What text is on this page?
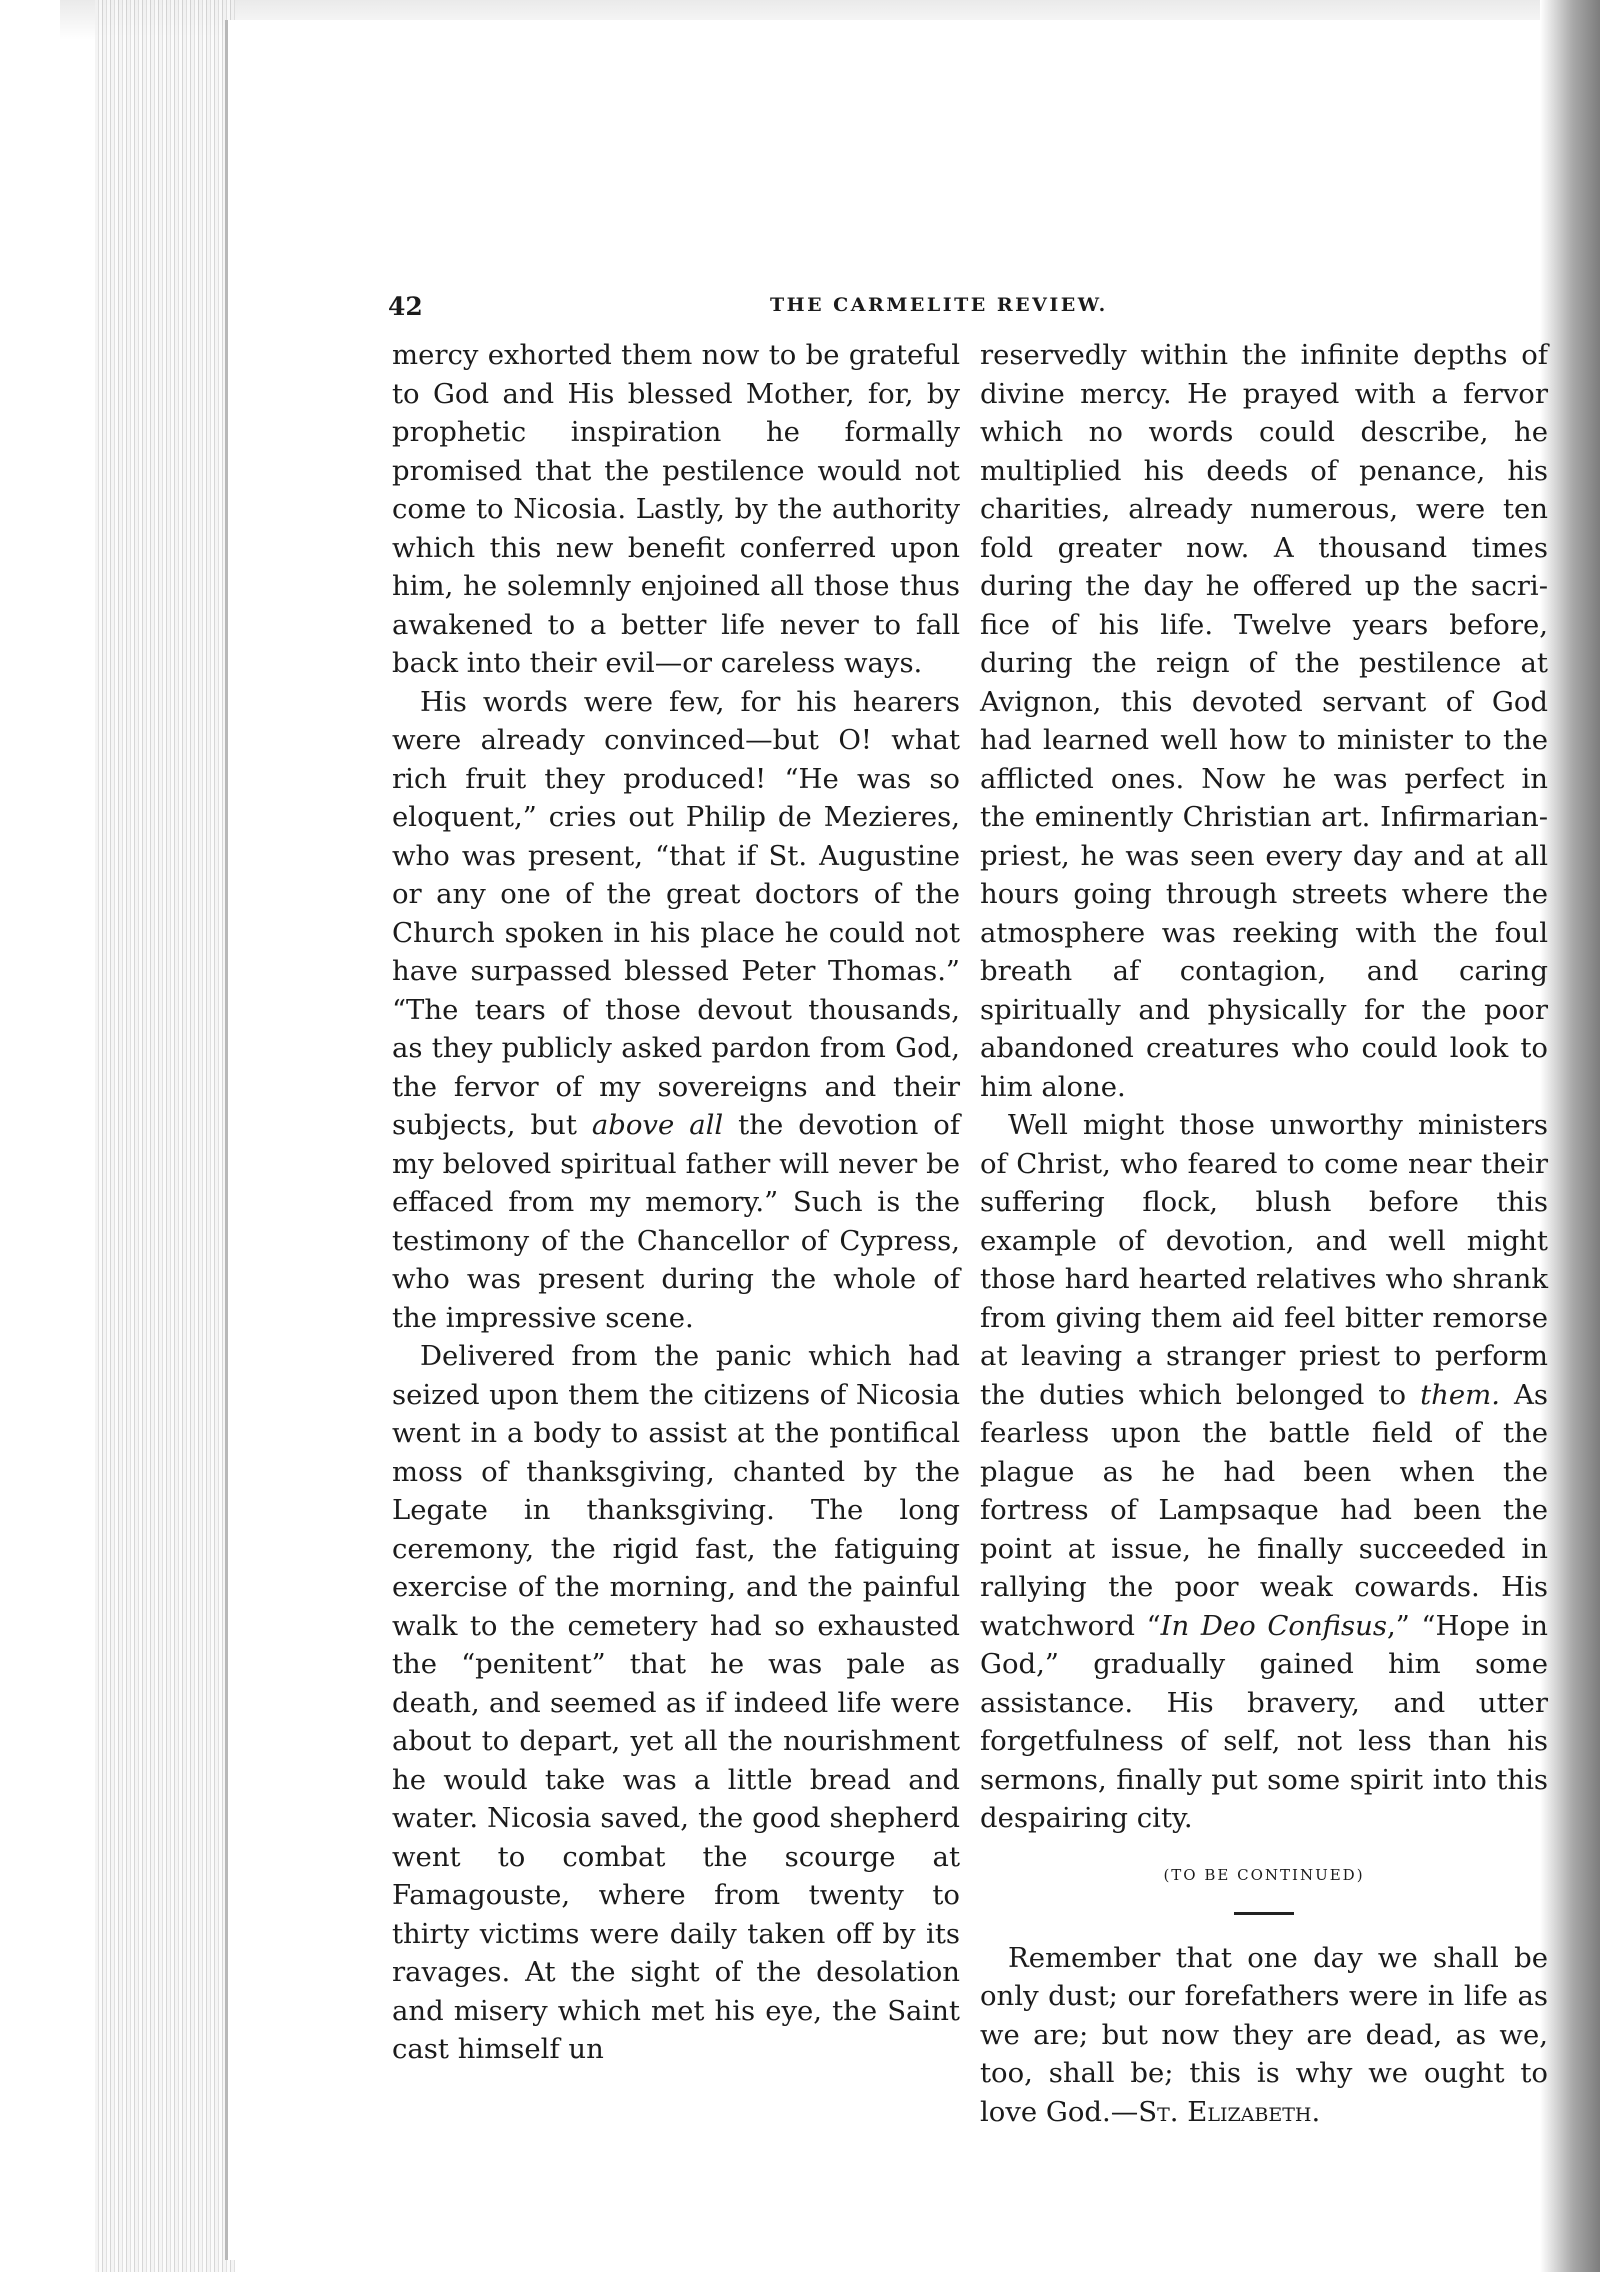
42	THE CARMELITE REVIEW.

mercy exhorted them now to be grateful to God and His blessed Mother, for, by prophetic inspiration he formally promised that the pestilence would not come to Nicosia. Lastly, by the authority which this new benefit conferred upon him, he solemnly enjoined all those thus awakened to a better life never to fall back into their evil—or careless ways.

His words were few, for his hearers were already convinced—but O! what rich fruit they produced! “He was so eloquent,” cries out Philip de Mezieres, who was present, “that if St. Augustine or any one of the great doctors of the Church spoken in his place he could not have surpassed blessed Peter Thomas.” “The tears of those devout thousands, as they publicly asked pardon from God, the fervor of my sovereigns and their subjects, but above all the devotion of my beloved spiritual father will never be effaced from my memory.” Such is the testimony of the Chancellor of Cypress, who was present during the whole of the impressive scene.

Delivered from the panic which had seized upon them the citizens of Nicosia went in a body to assist at the pontifical moss of thanksgiving, chanted by the Legate in thanksgiving. The long ceremony, the rigid fast, the fatiguing exercise of the morning, and the painful walk to the cemetery had so exhausted the “penitent” that he was pale as death, and seemed as if indeed life were about to depart, yet all the nourishment he would take was a little bread and water. Nicosia saved, the good shepherd went to combat the scourge at Famagouste, where from twenty to thirty victims were daily taken off by its ravages. At the sight of the desolation and misery which met his eye, the Saint cast himself un

reservedly within the infinite depths of divine mercy. He prayed with a fervor which no words could describe, he multiplied his deeds of penance, his charities, already numerous, were ten fold greater now. A thousand times during the day he offered up the sacrifice of his life. Twelve years before, during the reign of the pestilence at Avignon, this devoted servant of God had learned well how to minister to the afflicted ones. Now he was perfect in the eminently Christian art. Infirmarian-priest, he was seen every day and at all hours going through streets where the atmosphere was reeking with the foul breath af contagion, and caring spiritually and physically for the poor abandoned creatures who could look to him alone.

Well might those unworthy ministers of Christ, who feared to come near their suffering flock, blush before this example of devotion, and well might those hard hearted relatives who shrank from giving them aid feel bitter remorse at leaving a stranger priest to perform the duties which belonged to them. As fearless upon the battle field of the plague as he had been when the fortress of Lampsaque had been the point at issue, he finally succeeded in rallying the poor weak cowards. His watchword “In Deo Confisus,” “Hope in God,” gradually gained him some assistance. His bravery, and utter forgetfulness of self, not less than his sermons, finally put some spirit into this despairing city.

(TO BE CONTINUED)

Remember that one day we shall be only dust; our forefathers were in life as we are; but now they are dead, as we, too, shall be; this is why we ought to love God.—St. Elizabeth.
